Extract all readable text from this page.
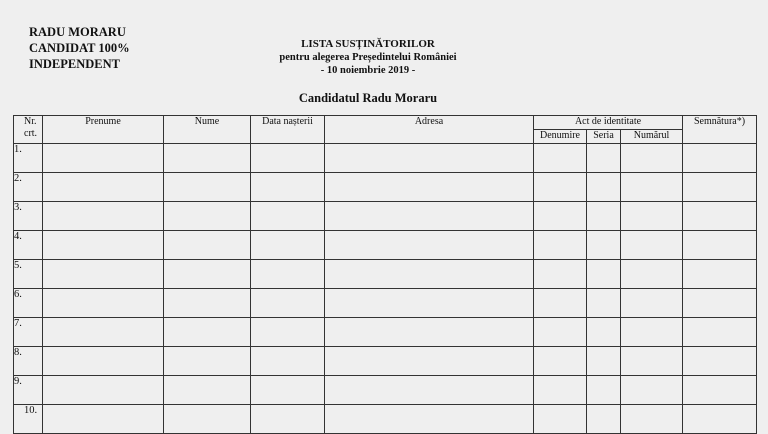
RADU MORARU
CANDIDAT 100%
INDEPENDENT
LISTA SUSȚINĂTORILOR
pentru alegerea Președintelui României
- 10 noiembrie 2019 -
Candidatul Radu Moraru
Nr.
crt.	Prenume	Nume	Data nașterii	Adresa	Act de identitate			Semnătura*)
					Denumire	Seria	Numărul	
1.								
2.								
3.								
4.								
5.								
6.								
7.								
8.								
9.								
10.								
